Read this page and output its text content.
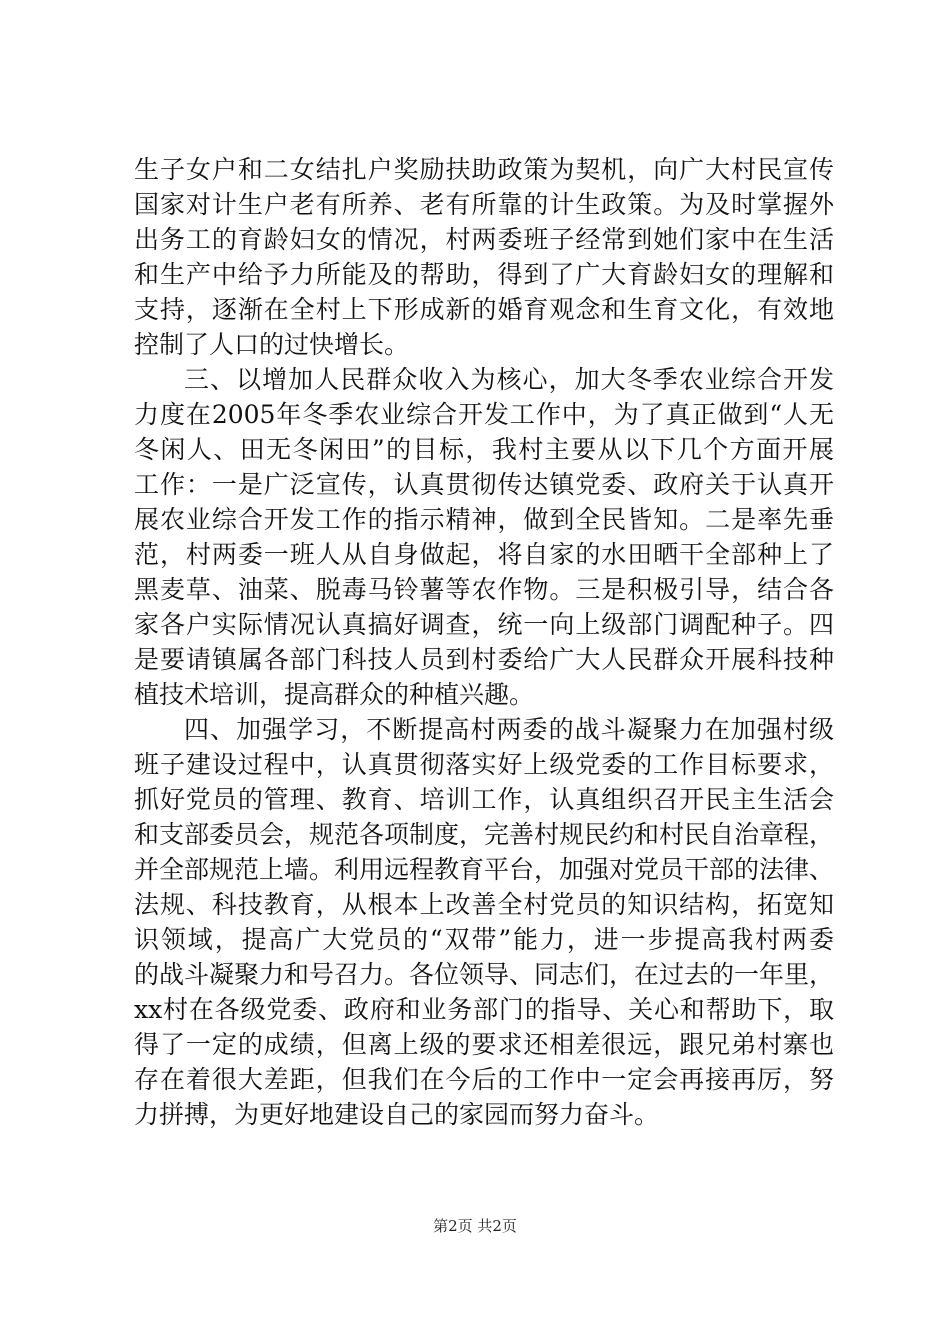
生子女户和二女结扎户奖励扶助政策为契机，向广大村民宣传
国家对计生户老有所养、老有所靠的计生政策。为及时掌握外
出务工的育龄妇女的情况，村两委班子经常到她们家中在生活
和生产中给予力所能及的帮助，得到了广大育龄妇女的理解和
支持，逐渐在全村上下形成新的婚育观念和生育文化，有效地
控制了人口的过快增长。
三、以增加人民群众收入为核心，加大冬季农业综合开发
力度在2005年冬季农业综合开发工作中，为了真正做到“人无
冬闲人、田无冬闲田”的目标，我村主要从以下几个方面开展
工作：一是广泛宣传，认真贯彻传达镇党委、政府关于认真开
展农业综合开发工作的指示精神，做到全民皆知。二是率先垂
范，村两委一班人从自身做起，将自家的水田晒干全部种上了
黑麦草、油菜、脱毒马铃薯等农作物。三是积极引导，结合各
家各户实际情况认真搞好调查，统一向上级部门调配种子。四
是要请镇属各部门科技人员到村委给广大人民群众开展科技种
植技术培训，提高群众的种植兴趣。
四、加强学习，不断提高村两委的战斗凝聚力在加强村级
班子建设过程中，认真贯彻落实好上级党委的工作目标要求，
抓好党员的管理、教育、培训工作，认真组织召开民主生活会
和支部委员会，规范各项制度，完善村规民约和村民自治章程，
并全部规范上墙。利用远程教育平台，加强对党员干部的法律、
法规、科技教育，从根本上改善全村党员的知识结构，拓宽知
识领域，提高广大党员的“双带”能力，进一步提高我村两委
的战斗凝聚力和号召力。各位领导、同志们，在过去的一年里，
xx村在各级党委、政府和业务部门的指导、关心和帮助下，取
得了一定的成绩，但离上级的要求还相差很远，跟兄弟村寨也
存在着很大差距，但我们在今后的工作中一定会再接再厉，努
力拼搏，为更好地建设自己的家园而努力奋斗。
第2页 共2页
